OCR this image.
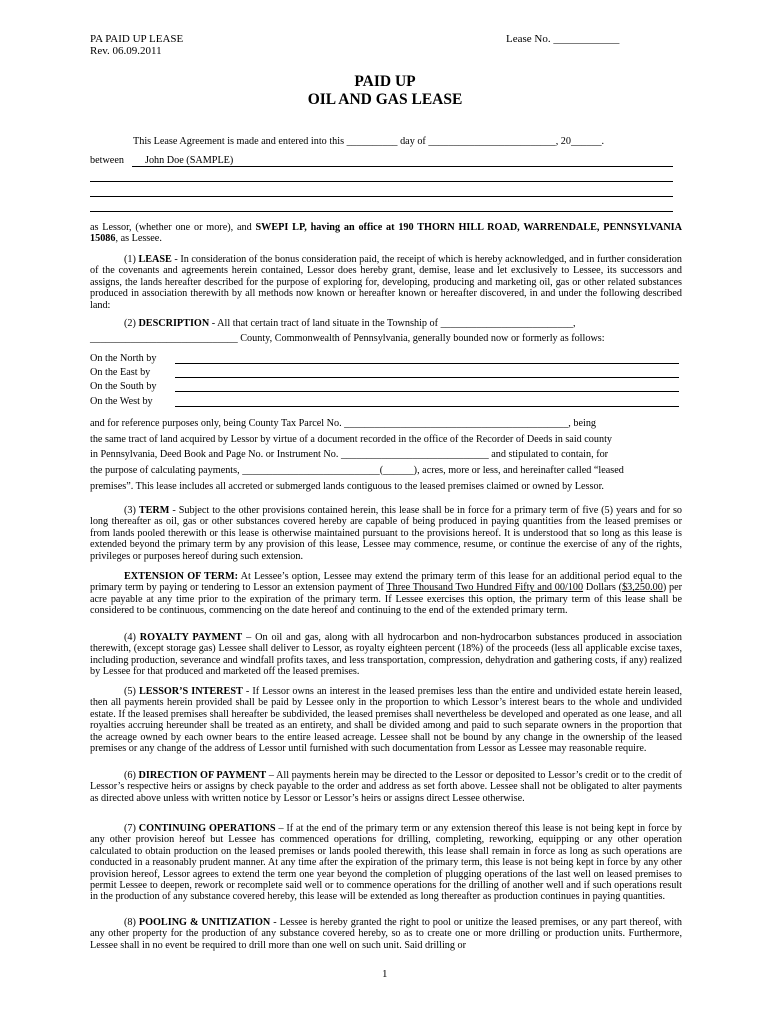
PA PAID UP LEASE
Rev. 06.09.2011
Lease No. ____________
PAID UP
OIL AND GAS LEASE
This Lease Agreement is made and entered into this __________ day of _________________________, 20______.
between John Doe (SAMPLE)
as Lessor, (whether one or more), and SWEPI LP, having an office at 190 THORN HILL ROAD, WARRENDALE, PENNSYLVANIA 15086, as Lessee.
(1) LEASE - In consideration of the bonus consideration paid, the receipt of which is hereby acknowledged, and in further consideration of the covenants and agreements herein contained, Lessor does hereby grant, demise, lease and let exclusively to Lessee, its successors and assigns, the lands hereafter described for the purpose of exploring for, developing, producing and marketing oil, gas or other related substances produced in association therewith by all methods now known or hereafter known or hereafter discovered, in and under the following described land:
(2) DESCRIPTION - All that certain tract of land situate in the Township of __________________________,
_____________________________ County, Commonwealth of Pennsylvania, generally bounded now or formerly as follows:
On the North by
On the East by
On the South by
On the West by
and for reference purposes only, being County Tax Parcel No. ____________________________________________, being
the same tract of land acquired by Lessor by virtue of a document recorded in the office of the Recorder of Deeds in said county
in Pennsylvania, Deed Book and Page No. or Instrument No. _____________________________ and stipulated to contain, for
the purpose of calculating payments, ___________________________(______), acres, more or less, and hereinafter called “leased
premises”. This lease includes all accreted or submerged lands contiguous to the leased premises claimed or owned by Lessor.
(3) TERM - Subject to the other provisions contained herein, this lease shall be in force for a primary term of five (5) years and for so long thereafter as oil, gas or other substances covered hereby are capable of being produced in paying quantities from the leased premises or from lands pooled therewith or this lease is otherwise maintained pursuant to the provisions hereof. It is understood that so long as this lease is extended beyond the primary term by any provision of this lease, Lessee may commence, resume, or continue the exercise of any of the rights, privileges or purposes hereof during such extension.
EXTENSION OF TERM: At Lessee’s option, Lessee may extend the primary term of this lease for an additional period equal to the primary term by paying or tendering to Lessor an extension payment of Three Thousand Two Hundred Fifty and 00/100 Dollars ($3,250.00) per acre payable at any time prior to the expiration of the primary term. If Lessee exercises this option, the primary term of this lease shall be considered to be continuous, commencing on the date hereof and continuing to the end of the extended primary term.
(4) ROYALTY PAYMENT – On oil and gas, along with all hydrocarbon and non-hydrocarbon substances produced in association therewith, (except storage gas) Lessee shall deliver to Lessor, as royalty eighteen percent (18%) of the proceeds (less all applicable excise taxes, including production, severance and windfall profits taxes, and less transportation, compression, dehydration and gathering costs, if any) realized by Lessee for that produced and marketed off the leased premises.
(5) LESSOR’S INTEREST - If Lessor owns an interest in the leased premises less than the entire and undivided estate herein leased, then all payments herein provided shall be paid by Lessee only in the proportion to which Lessor’s interest bears to the whole and undivided estate. If the leased premises shall hereafter be subdivided, the leased premises shall nevertheless be developed and operated as one lease, and all royalties accruing hereunder shall be treated as an entirety, and shall be divided among and paid to such separate owners in the proportion that the acreage owned by each owner bears to the entire leased acreage. Lessee shall not be bound by any change in the ownership of the leased premises or any change of the address of Lessor until furnished with such documentation from Lessor as Lessee may reasonable require.
(6) DIRECTION OF PAYMENT – All payments herein may be directed to the Lessor or deposited to Lessor’s credit or to the credit of Lessor’s respective heirs or assigns by check payable to the order and address as set forth above. Lessee shall not be obligated to alter payments as directed above unless with written notice by Lessor or Lessor’s heirs or assigns direct Lessee otherwise.
(7) CONTINUING OPERATIONS – If at the end of the primary term or any extension thereof this lease is not being kept in force by any other provision hereof but Lessee has commenced operations for drilling, completing, reworking, equipping or any other operation calculated to obtain production on the leased premises or lands pooled therewith, this lease shall remain in force as long as such operations are conducted in a reasonably prudent manner. At any time after the expiration of the primary term, this lease is not being kept in force by any other provision hereof, Lessor agrees to extend the term one year beyond the completion of plugging operations of the last well on leased premises to permit Lessee to deepen, rework or recomplete said well or to commence operations for the drilling of another well and if such operations result in the production of any substance covered hereby, this lease will be extended as long thereafter as production continues in paying quantities.
(8) POOLING & UNITIZATION - Lessee is hereby granted the right to pool or unitize the leased premises, or any part thereof, with any other property for the production of any substance covered hereby, so as to create one or more drilling or production units. Furthermore, Lessee shall in no event be required to drill more than one well on such unit. Said drilling or
1
